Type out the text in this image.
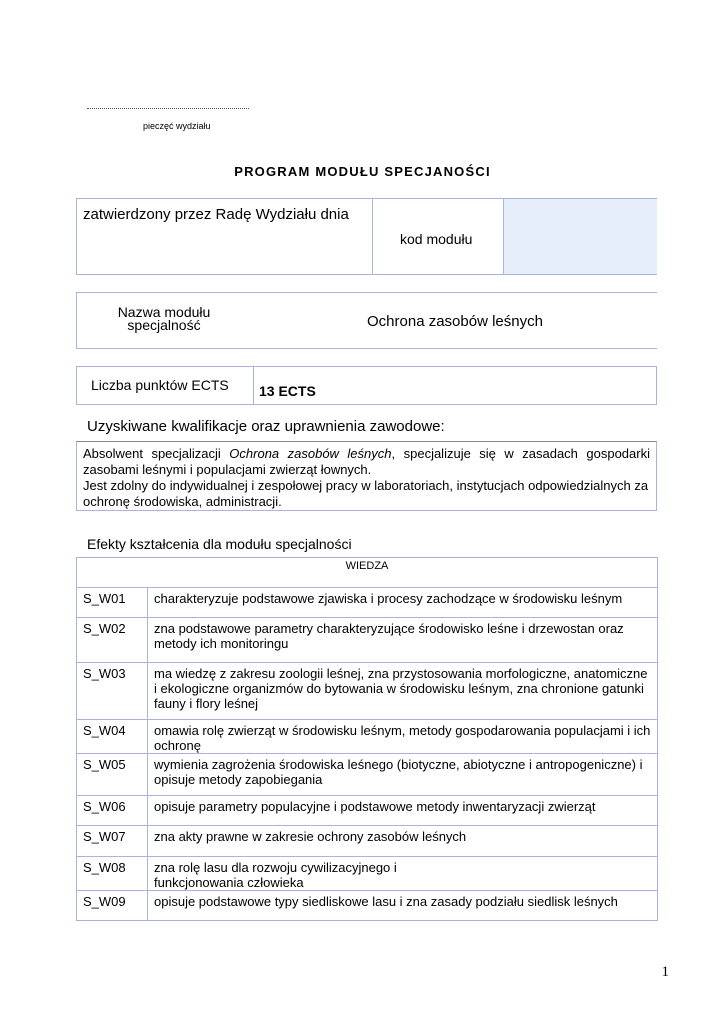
pieczęć wydziału
PROGRAM MODUŁU SPECJANOŚCI
zatwierdzony przez Radę Wydziału dnia
kod modułu
Nazwa modułu
specjalność	Ochrona zasobów leśnych
Liczba punktów ECTS 13 ECTS
Uzyskiwane kwalifikacje oraz uprawnienia zawodowe:

Absolwent specjalizacji Ochrona zasobów leśnych, specjalizuje się w zasadach gospodarki zasobami leśnymi i populacjami zwierząt łownych.

Jest zdolny do indywidualnej i zespołowej pracy w laboratoriach, instytucjach odpowiedzialnych za ochronę środowiska, administracji.

Efekty kształcenia dla modułu specjalności
WIEDZA	
S_W01	charakteryzuje podstawowe zjawiska i procesy zachodzące w środowisku leśnym
S_W02	zna podstawowe parametry charakteryzujące środowisko leśne i drzewostan oraz metody ich monitoringu
S_W03	ma wiedzę z zakresu zoologii leśnej, zna przystosowania morfologiczne, anatomiczne i ekologiczne organizmów do bytowania w środowisku leśnym, zna chronione gatunki fauny i flory leśnej
S_W04	omawia rolę zwierząt w środowisku leśnym, metody gospodarowania populacjami i ich ochronę
S_W05	wymienia zagrożenia środowiska leśnego (biotyczne, abiotyczne i antropogeniczne) i opisuje metody zapobiegania
S_W06	opisuje parametry populacyjne i podstawowe metody inwentaryzacji zwierząt
S_W07	zna akty prawne w zakresie ochrony zasobów leśnych
S_W08	zna rolę lasu dla rozwoju cywilizacyjnego i funkcjonowania człowieka
S_W09	opisuje podstawowe typy siedliskowe lasu i zna zasady podziału siedlisk leśnych
1
